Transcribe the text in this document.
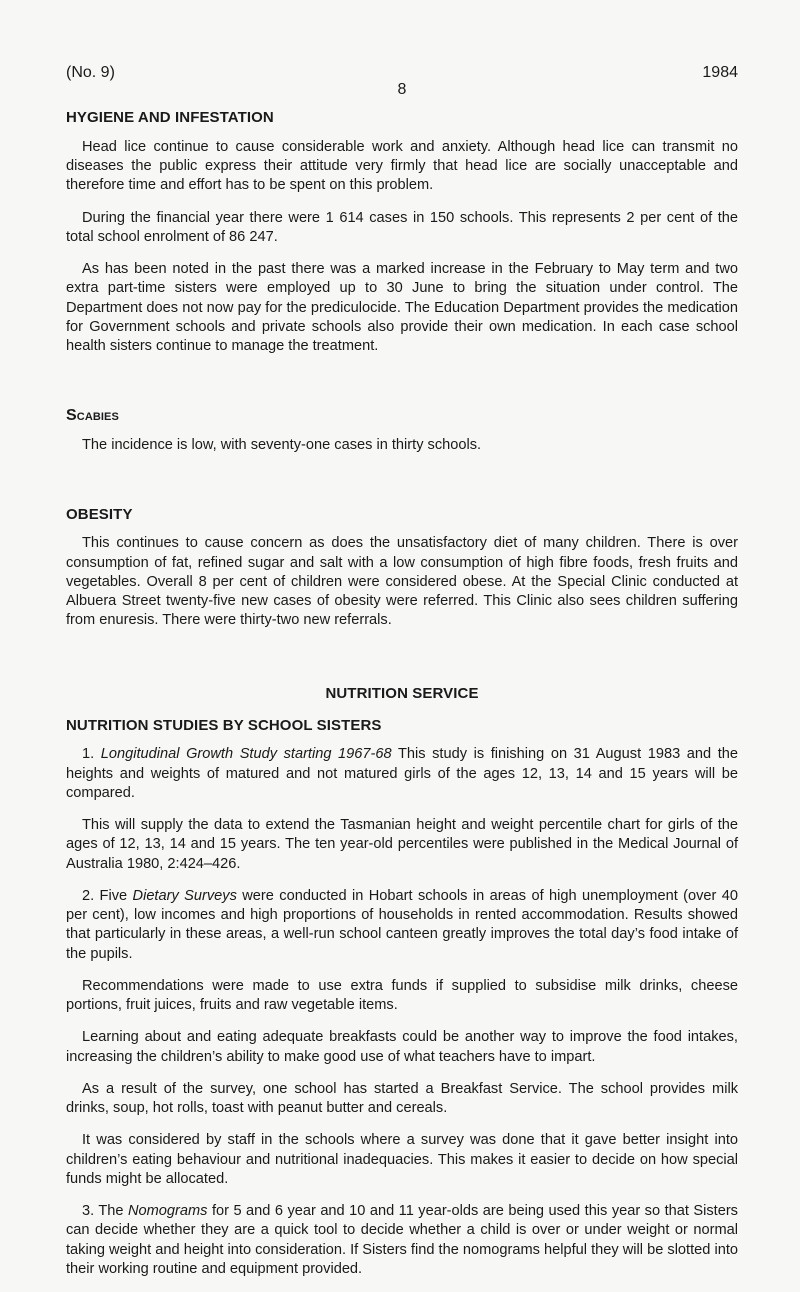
(No. 9)
8
1984
HYGIENE AND INFESTATION

Head lice continue to cause considerable work and anxiety. Although head lice can transmit no diseases the public express their attitude very firmly that head lice are socially unacceptable and therefore time and effort has to be spent on this problem.

During the financial year there were 1 614 cases in 150 schools. This represents 2 per cent of the total school enrolment of 86 247.

As has been noted in the past there was a marked increase in the February to May term and two extra part-time sisters were employed up to 30 June to bring the situation under control. The Department does not now pay for the prediculocide. The Education Department provides the medication for Government schools and private schools also provide their own medication. In each case school health sisters continue to manage the treatment.

Scabies

The incidence is low, with seventy-one cases in thirty schools.

OBESITY

This continues to cause concern as does the unsatisfactory diet of many children. There is over consumption of fat, refined sugar and salt with a low consumption of high fibre foods, fresh fruits and vegetables. Overall 8 per cent of children were considered obese. At the Special Clinic conducted at Albuera Street twenty-five new cases of obesity were referred. This Clinic also sees children suffering from enuresis. There were thirty-two new referrals.

NUTRITION SERVICE
NUTRITION STUDIES BY SCHOOL SISTERS

1. Longitudinal Growth Study starting 1967-68 This study is finishing on 31 August 1983 and the heights and weights of matured and not matured girls of the ages 12, 13, 14 and 15 years will be compared.

This will supply the data to extend the Tasmanian height and weight percentile chart for girls of the ages of 12, 13, 14 and 15 years. The ten year-old percentiles were published in the Medical Journal of Australia 1980, 2:424–426.

2. Five Dietary Surveys were conducted in Hobart schools in areas of high unemployment (over 40 per cent), low incomes and high proportions of households in rented accommodation. Results showed that particularly in these areas, a well-run school canteen greatly improves the total day’s food intake of the pupils.

Recommendations were made to use extra funds if supplied to subsidise milk drinks, cheese portions, fruit juices, fruits and raw vegetable items.

Learning about and eating adequate breakfasts could be another way to improve the food intakes, increasing the children’s ability to make good use of what teachers have to impart.

As a result of the survey, one school has started a Breakfast Service. The school provides milk drinks, soup, hot rolls, toast with peanut butter and cereals.

It was considered by staff in the schools where a survey was done that it gave better insight into children’s eating behaviour and nutritional inadequacies. This makes it easier to decide on how special funds might be allocated.

3. The Nomograms for 5 and 6 year and 10 and 11 year-olds are being used this year so that Sisters can decide whether they are a quick tool to decide whether a child is over or under weight or normal taking weight and height into consideration. If Sisters find the nomograms helpful they will be slotted into their working routine and equipment provided.
